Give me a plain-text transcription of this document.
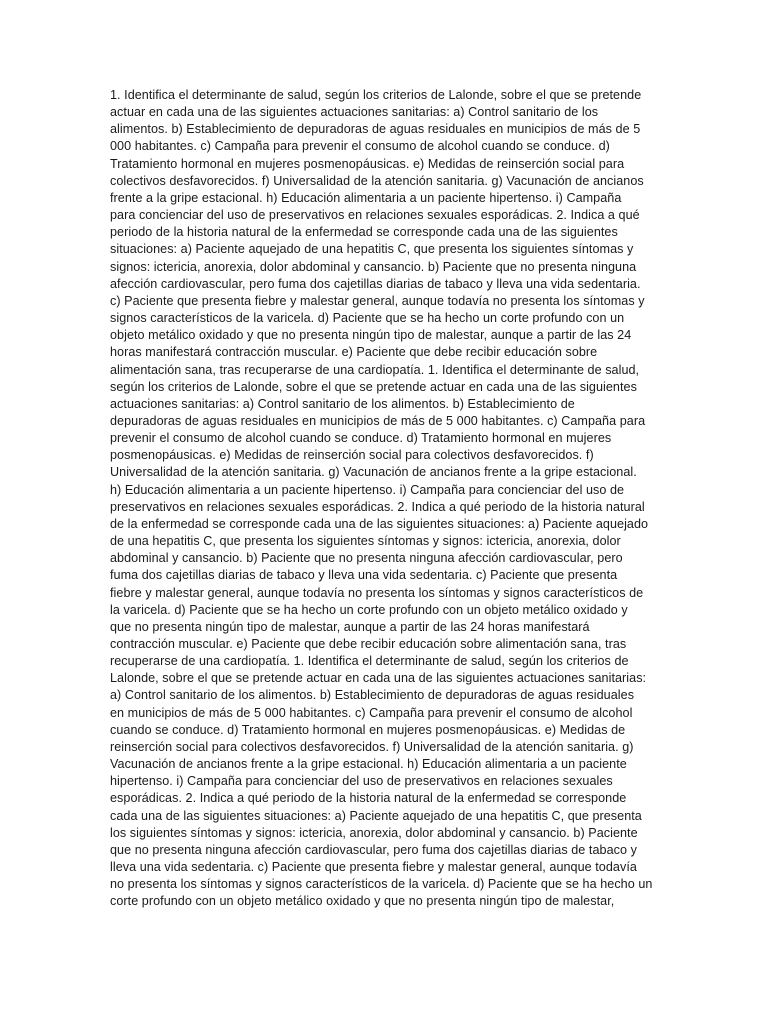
1. Identifica el determinante de salud, según los criterios de Lalonde, sobre el que se pretende
actuar en cada una de las siguientes actuaciones sanitarias: a) Control sanitario de los
alimentos. b) Establecimiento de depuradoras de aguas residuales en municipios de más de 5
000 habitantes. c) Campaña para prevenir el consumo de alcohol cuando se conduce. d)
Tratamiento hormonal en mujeres posmenopáusicas. e) Medidas de reinserción social para
colectivos desfavorecidos. f) Universalidad de la atención sanitaria. g) Vacunación de ancianos
frente a la gripe estacional. h) Educación alimentaria a un paciente hipertenso. i) Campaña
para concienciar del uso de preservativos en relaciones sexuales esporádicas. 2. Indica a qué
periodo de la historia natural de la enfermedad se corresponde cada una de las siguientes
situaciones: a) Paciente aquejado de una hepatitis C, que presenta los siguientes síntomas y
signos: ictericia, anorexia, dolor abdominal y cansancio. b) Paciente que no presenta ninguna
afección cardiovascular, pero fuma dos cajetillas diarias de tabaco y lleva una vida sedentaria.
c) Paciente que presenta fiebre y malestar general, aunque todavía no presenta los síntomas y
signos característicos de la varicela. d) Paciente que se ha hecho un corte profundo con un
objeto metálico oxidado y que no presenta ningún tipo de malestar, aunque a partir de las 24
horas manifestará contracción muscular. e) Paciente que debe recibir educación sobre
alimentación sana, tras recuperarse de una cardiopatía. 1. Identifica el determinante de salud,
según los criterios de Lalonde, sobre el que se pretende actuar en cada una de las siguientes
actuaciones sanitarias: a) Control sanitario de los alimentos. b) Establecimiento de
depuradoras de aguas residuales en municipios de más de 5 000 habitantes. c) Campaña para
prevenir el consumo de alcohol cuando se conduce. d) Tratamiento hormonal en mujeres
posmenopáusicas. e) Medidas de reinserción social para colectivos desfavorecidos. f)
Universalidad de la atención sanitaria. g) Vacunación de ancianos frente a la gripe estacional.
h) Educación alimentaria a un paciente hipertenso. i) Campaña para concienciar del uso de
preservativos en relaciones sexuales esporádicas. 2. Indica a qué periodo de la historia natural
de la enfermedad se corresponde cada una de las siguientes situaciones: a) Paciente aquejado
de una hepatitis C, que presenta los siguientes síntomas y signos: ictericia, anorexia, dolor
abdominal y cansancio. b) Paciente que no presenta ninguna afección cardiovascular, pero
fuma dos cajetillas diarias de tabaco y lleva una vida sedentaria. c) Paciente que presenta
fiebre y malestar general, aunque todavía no presenta los síntomas y signos característicos de
la varicela. d) Paciente que se ha hecho un corte profundo con un objeto metálico oxidado y
que no presenta ningún tipo de malestar, aunque a partir de las 24 horas manifestará
contracción muscular. e) Paciente que debe recibir educación sobre alimentación sana, tras
recuperarse de una cardiopatía. 1. Identifica el determinante de salud, según los criterios de
Lalonde, sobre el que se pretende actuar en cada una de las siguientes actuaciones sanitarias:
a) Control sanitario de los alimentos. b) Establecimiento de depuradoras de aguas residuales
en municipios de más de 5 000 habitantes. c) Campaña para prevenir el consumo de alcohol
cuando se conduce. d) Tratamiento hormonal en mujeres posmenopáusicas. e) Medidas de
reinserción social para colectivos desfavorecidos. f) Universalidad de la atención sanitaria. g)
Vacunación de ancianos frente a la gripe estacional. h) Educación alimentaria a un paciente
hipertenso. i) Campaña para concienciar del uso de preservativos en relaciones sexuales
esporádicas. 2. Indica a qué periodo de la historia natural de la enfermedad se corresponde
cada una de las siguientes situaciones: a) Paciente aquejado de una hepatitis C, que presenta
los siguientes síntomas y signos: ictericia, anorexia, dolor abdominal y cansancio. b) Paciente
que no presenta ninguna afección cardiovascular, pero fuma dos cajetillas diarias de tabaco y
lleva una vida sedentaria. c) Paciente que presenta fiebre y malestar general, aunque todavía
no presenta los síntomas y signos característicos de la varicela. d) Paciente que se ha hecho un
corte profundo con un objeto metálico oxidado y que no presenta ningún tipo de malestar,
